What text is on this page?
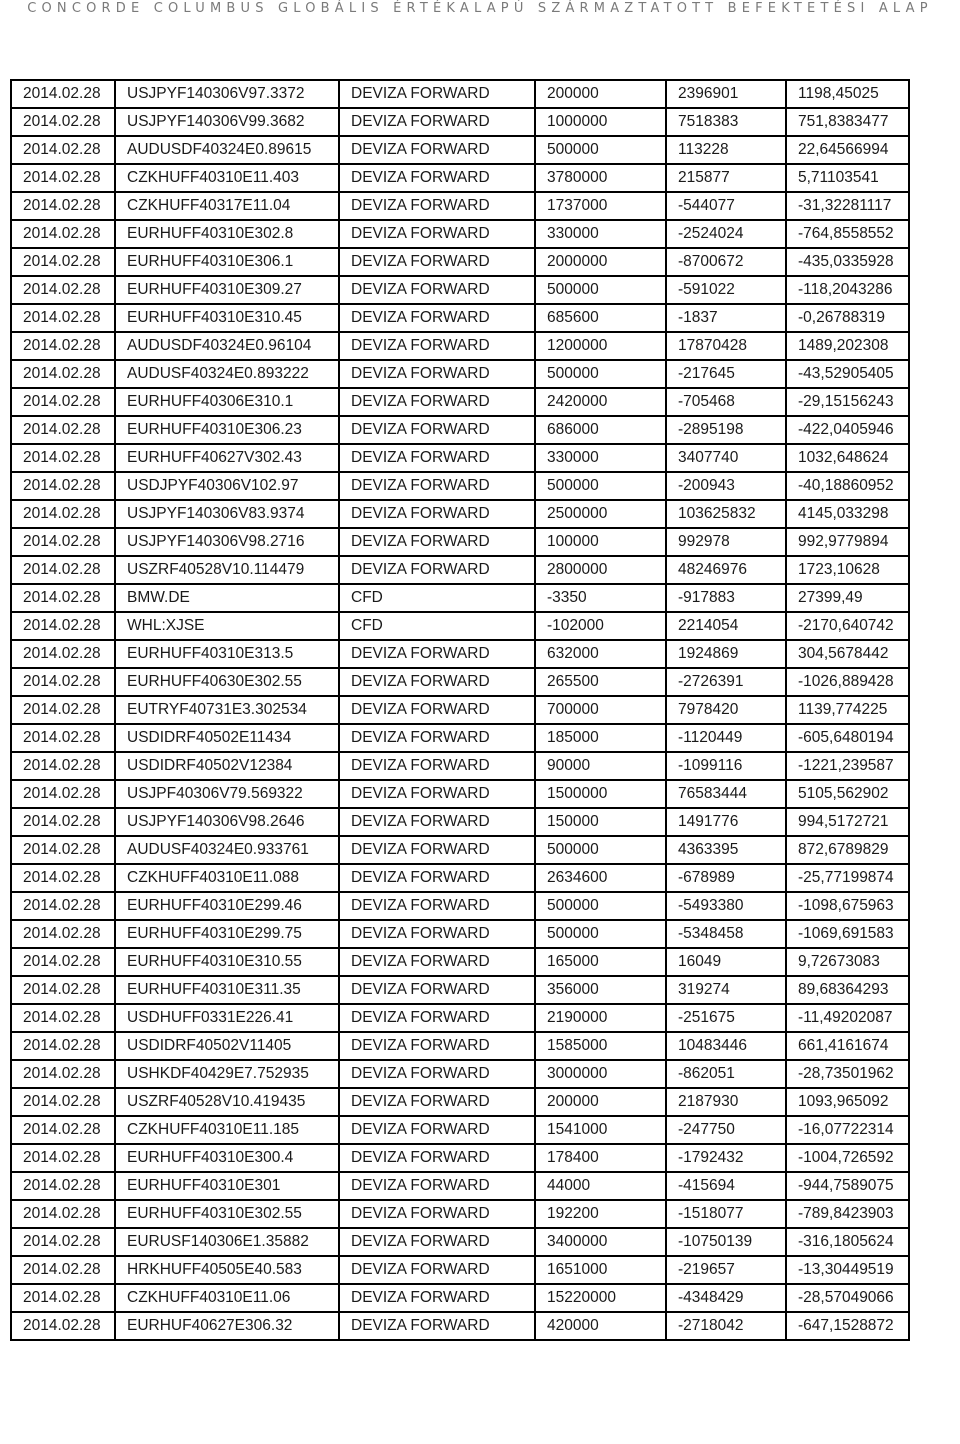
CONCORDE COLUMBUS GLOBÁLIS ÉRTÉKALAPÚ SZÁRMAZTATOTT BEFEKTETÉSI ALAP
2014.02.28	USJPYF140306V97.3372	DEVIZA FORWARD	200000	2396901	1198,45025
2014.02.28	USJPYF140306V99.3682	DEVIZA FORWARD	1000000	7518383	751,8383477
2014.02.28	AUDUSDF40324E0.89615	DEVIZA FORWARD	500000	113228	22,64566994
2014.02.28	CZKHUFF40310E11.403	DEVIZA FORWARD	3780000	215877	5,71103541
2014.02.28	CZKHUFF40317E11.04	DEVIZA FORWARD	1737000	-544077	-31,32281117
2014.02.28	EURHUFF40310E302.8	DEVIZA FORWARD	330000	-2524024	-764,8558552
2014.02.28	EURHUFF40310E306.1	DEVIZA FORWARD	2000000	-8700672	-435,0335928
2014.02.28	EURHUFF40310E309.27	DEVIZA FORWARD	500000	-591022	-118,2043286
2014.02.28	EURHUFF40310E310.45	DEVIZA FORWARD	685600	-1837	-0,26788319
2014.02.28	AUDUSDF40324E0.96104	DEVIZA FORWARD	1200000	17870428	1489,202308
2014.02.28	AUDUSF40324E0.893222	DEVIZA FORWARD	500000	-217645	-43,52905405
2014.02.28	EURHUFF40306E310.1	DEVIZA FORWARD	2420000	-705468	-29,15156243
2014.02.28	EURHUFF40310E306.23	DEVIZA FORWARD	686000	-2895198	-422,0405946
2014.02.28	EURHUFF40627V302.43	DEVIZA FORWARD	330000	3407740	1032,648624
2014.02.28	USDJPYF40306V102.97	DEVIZA FORWARD	500000	-200943	-40,18860952
2014.02.28	USJPYF140306V83.9374	DEVIZA FORWARD	2500000	103625832	4145,033298
2014.02.28	USJPYF140306V98.2716	DEVIZA FORWARD	100000	992978	992,9779894
2014.02.28	USZRF40528V10.114479	DEVIZA FORWARD	2800000	48246976	1723,10628
2014.02.28	BMW.DE	CFD	-3350	-917883	27399,49
2014.02.28	WHL:XJSE	CFD	-102000	2214054	-2170,640742
2014.02.28	EURHUFF40310E313.5	DEVIZA FORWARD	632000	1924869	304,5678442
2014.02.28	EURHUFF40630E302.55	DEVIZA FORWARD	265500	-2726391	-1026,889428
2014.02.28	EUTRYF40731E3.302534	DEVIZA FORWARD	700000	7978420	1139,774225
2014.02.28	USDIDRF40502E11434	DEVIZA FORWARD	185000	-1120449	-605,6480194
2014.02.28	USDIDRF40502V12384	DEVIZA FORWARD	90000	-1099116	-1221,239587
2014.02.28	USJPF40306V79.569322	DEVIZA FORWARD	1500000	76583444	5105,562902
2014.02.28	USJPYF140306V98.2646	DEVIZA FORWARD	150000	1491776	994,5172721
2014.02.28	AUDUSF40324E0.933761	DEVIZA FORWARD	500000	4363395	872,6789829
2014.02.28	CZKHUFF40310E11.088	DEVIZA FORWARD	2634600	-678989	-25,77199874
2014.02.28	EURHUFF40310E299.46	DEVIZA FORWARD	500000	-5493380	-1098,675963
2014.02.28	EURHUFF40310E299.75	DEVIZA FORWARD	500000	-5348458	-1069,691583
2014.02.28	EURHUFF40310E310.55	DEVIZA FORWARD	165000	16049	9,72673083
2014.02.28	EURHUFF40310E311.35	DEVIZA FORWARD	356000	319274	89,68364293
2014.02.28	USDHUFF0331E226.41	DEVIZA FORWARD	2190000	-251675	-11,49202087
2014.02.28	USDIDRF40502V11405	DEVIZA FORWARD	1585000	10483446	661,4161674
2014.02.28	USHKDF40429E7.752935	DEVIZA FORWARD	3000000	-862051	-28,73501962
2014.02.28	USZRF40528V10.419435	DEVIZA FORWARD	200000	2187930	1093,965092
2014.02.28	CZKHUFF40310E11.185	DEVIZA FORWARD	1541000	-247750	-16,07722314
2014.02.28	EURHUFF40310E300.4	DEVIZA FORWARD	178400	-1792432	-1004,726592
2014.02.28	EURHUFF40310E301	DEVIZA FORWARD	44000	-415694	-944,7589075
2014.02.28	EURHUFF40310E302.55	DEVIZA FORWARD	192200	-1518077	-789,8423903
2014.02.28	EURUSF140306E1.35882	DEVIZA FORWARD	3400000	-10750139	-316,1805624
2014.02.28	HRKHUFF40505E40.583	DEVIZA FORWARD	1651000	-219657	-13,30449519
2014.02.28	CZKHUFF40310E11.06	DEVIZA FORWARD	15220000	-4348429	-28,57049066
2014.02.28	EURHUF40627E306.32	DEVIZA FORWARD	420000	-2718042	-647,1528872
